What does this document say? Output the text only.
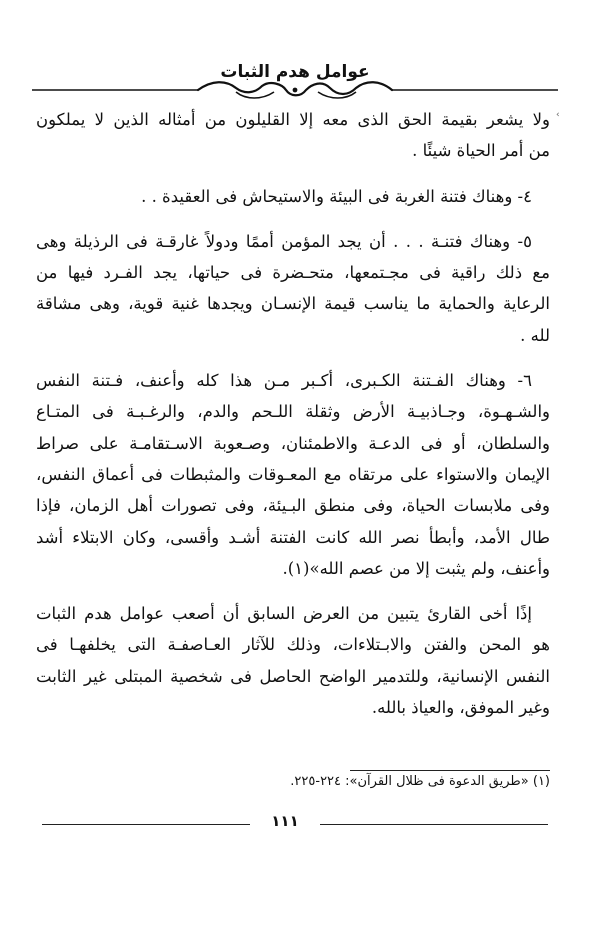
عوامل هدم الثبات
‹
ولا يشعر بقيمة الحق الذى معه إلا القليلون من أمثاله الذين لا يملكون
من أمر الحياة شيئًا .
٤- وهناك فتنة الغربة فى البيئة والاستيحاش فى العقيدة . .
٥- وهناك فتنـة . . . أن يجد المؤمن أممًا ودولاً غارقـة فى الرذيلة وهى
مع ذلك راقية فى مجـتمعها، متحـضرة فى حياتها، يجد الفـرد فيها من
الرعاية والحماية ما يناسب قيمة الإنسـان ويجدها غنية قوية، وهى مشاقة
لله .
٦- وهناك الفـتنة الكـبرى، أكـبر مـن هذا كله وأعنف، فـتنة النفس
والشـهـوة، وجـاذبيـة الأرض وثقلة اللـحم والدم، والرغـبـة فى المتـاع
والسلطان، أو فى الدعـة والاطمئنان، وصـعوبة الاسـتقامـة على صراط
الإيمان والاستواء على مرتقاه مع المعـوقات والمثبطات فى أعماق النفس،
وفى ملابسات الحياة، وفى منطق البـيئة، وفى تصورات أهل الزمان، فإذا
طال الأمد، وأبطأ نصر الله كانت الفتنة أشـد وأقسى، وكان الابتلاء أشد
وأعنف، ولم يثبت إلا من عصم الله»(١).
إذًا أخى القارئ يتبين من العرض السابق أن أصعب عوامل هدم الثبات
هو المحن والفتن والابـتلاءات، وذلك للآثار العـاصفـة التى يخلفهـا فى
النفس الإنسانية، وللتدمير الواضح الحاصل فى شخصية المبتلى غير الثابت
وغير الموفق، والعياذ بالله.
(١) «طريق الدعوة فى ظلال القرآن»: ٢٢٤-٢٢٥.
١١١
